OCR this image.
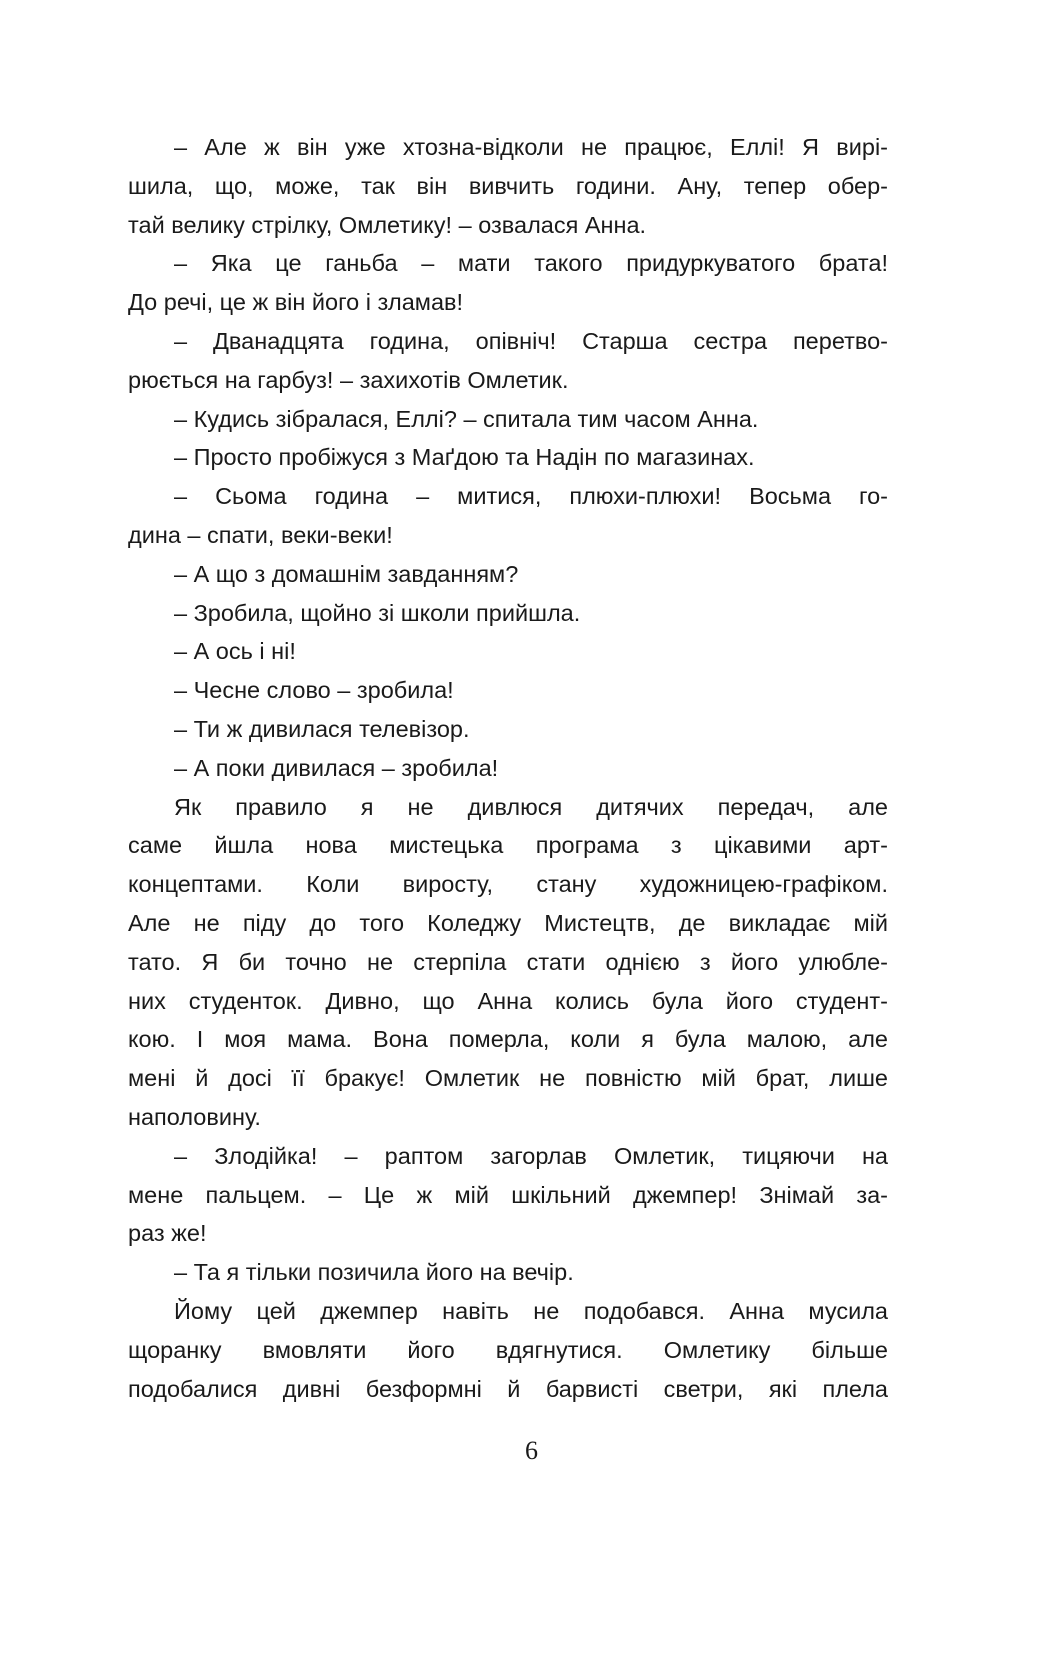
– Але ж він уже хтозна-відколи не працює, Еллі! Я вирі-
шила, що, може, так він вивчить години. Ану, тепер обер-
тай велику стрілку, Омлетику! – озвалася Анна.
– Яка це ганьба – мати такого придуркуватого брата!
До речі, це ж він його і зламав!
– Дванадцята година, опівніч! Старша сестра перетво-
рюється на гарбуз! – захихотів Омлетик.
– Кудись зібралася, Еллі? – спитала тим часом Анна.
– Просто пробіжуся з Маґдою та Надін по магазинах.
– Сьома година – митися, плюхи-плюхи! Восьма го-
дина – спати, веки-веки!
– А що з домашнім завданням?
– Зробила, щойно зі школи прийшла.
– А ось і ні!
– Чесне слово – зробила!
– Ти ж дивилася телевізор.
– А поки дивилася – зробила!
Як правило я не дивлюся дитячих передач, але
саме йшла нова мистецька програма з цікавими арт-
концептами. Коли виросту, стану художницею-графіком.
Але не піду до того Коледжу Мистецтв, де викладає мій
тато. Я би точно не стерпіла стати однією з його улюбле-
них студенток. Дивно, що Анна колись була його студент-
кою. І моя мама. Вона померла, коли я була малою, але
мені й досі її бракує! Омлетик не повністю мій брат, лише
наполовину.
– Злодійка! – раптом загорлав Омлетик, тицяючи на
мене пальцем. – Це ж мій шкільний джемпер! Знімай за-
раз же!
– Та я тільки позичила його на вечір.
Йому цей джемпер навіть не подобався. Анна мусила
щоранку вмовляти його вдягнутися. Омлетику більше
подобалися дивні безформні й барвисті светри, які плела
6
